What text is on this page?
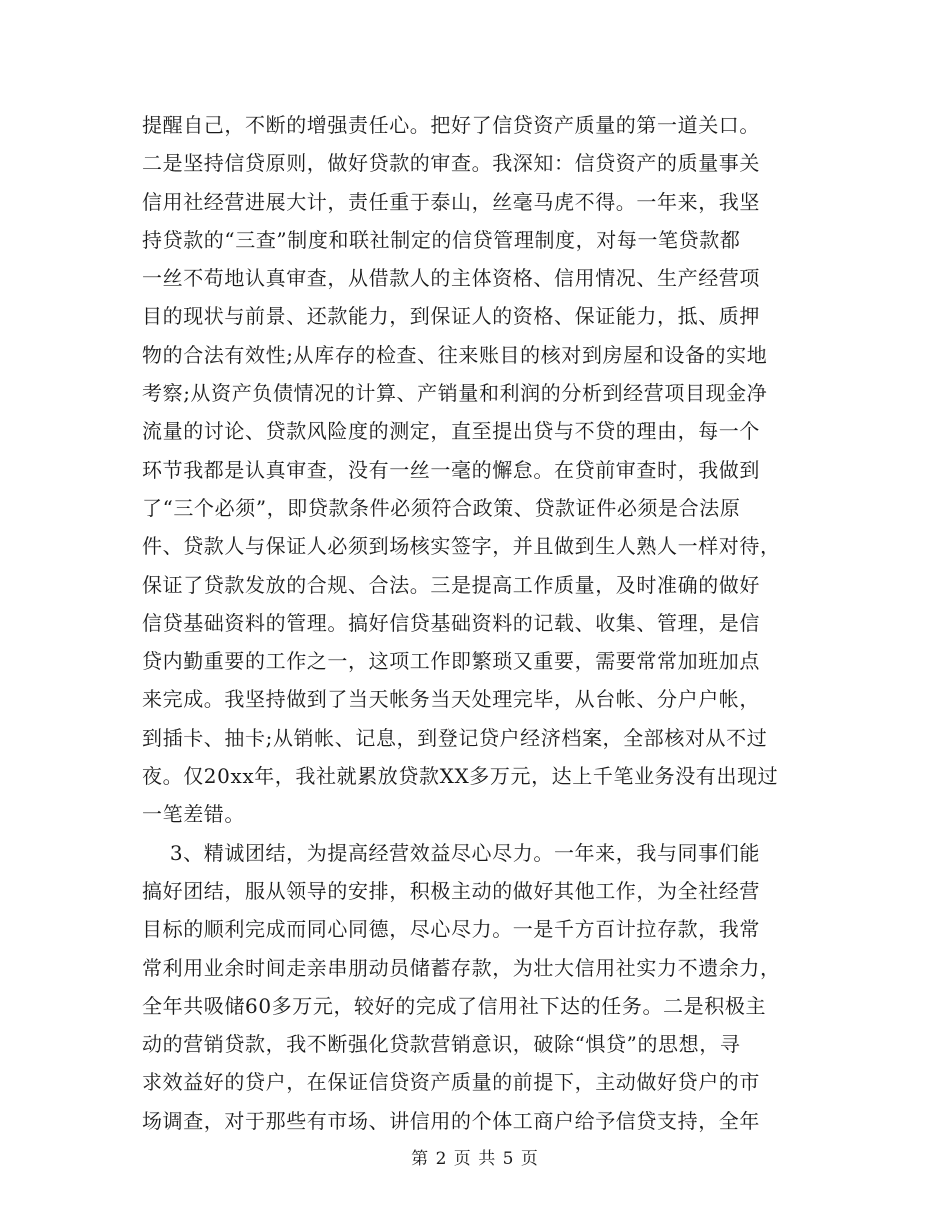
提醒自己，不断的增强责任心。把好了信贷资产质量的第一道关口。
二是坚持信贷原则，做好贷款的审查。我深知：信贷资产的质量事关
信用社经营进展大计，责任重于泰山，丝毫马虎不得。一年来，我坚
持贷款的“三查”制度和联社制定的信贷管理制度，对每一笔贷款都
一丝不苟地认真审查，从借款人的主体资格、信用情况、生产经营项
目的现状与前景、还款能力，到保证人的资格、保证能力，抵、质押
物的合法有效性;从库存的检查、往来账目的核对到房屋和设备的实地
考察;从资产负债情况的计算、产销量和利润的分析到经营项目现金净
流量的讨论、贷款风险度的测定，直至提出贷与不贷的理由，每一个
环节我都是认真审查，没有一丝一毫的懈怠。在贷前审查时，我做到
了“三个必须”，即贷款条件必须符合政策、贷款证件必须是合法原
件、贷款人与保证人必须到场核实签字，并且做到生人熟人一样对待，
保证了贷款发放的合规、合法。三是提高工作质量，及时准确的做好
信贷基础资料的管理。搞好信贷基础资料的记载、收集、管理，是信
贷内勤重要的工作之一，这项工作即繁琐又重要，需要常常加班加点
来完成。我坚持做到了当天帐务当天处理完毕，从台帐、分户户帐，
到插卡、抽卡;从销帐、记息，到登记贷户经济档案，全部核对从不过
夜。仅20xx年，我社就累放贷款XX多万元，达上千笔业务没有出现过
一笔差错。
3、精诚团结，为提高经营效益尽心尽力。一年来，我与同事们能
搞好团结，服从领导的安排，积极主动的做好其他工作，为全社经营
目标的顺利完成而同心同德，尽心尽力。一是千方百计拉存款，我常
常利用业余时间走亲串朋动员储蓄存款，为壮大信用社实力不遗余力，
全年共吸储60多万元，较好的完成了信用社下达的任务。二是积极主
动的营销贷款，我不断强化贷款营销意识，破除“惧贷”的思想，寻
求效益好的贷户，在保证信贷资产质量的前提下，主动做好贷户的市
场调查，对于那些有市场、讲信用的个体工商户给予信贷支持，全年
第 2 页 共 5 页
